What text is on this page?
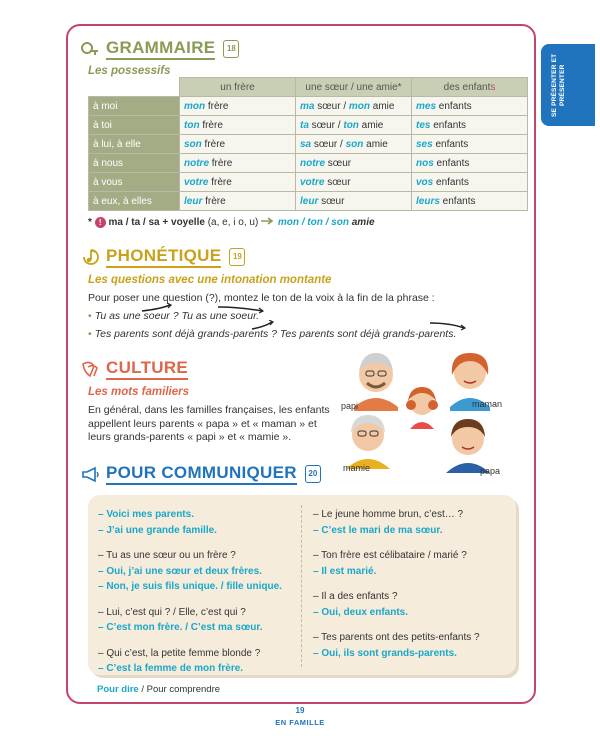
SE PRÉSENTER ET PRÉSENTER
GRAMMAIRE	18
Les possessifs
	un frère	une sœur / une amie*	des enfants
à moi	mon frère	ma sœur / mon amie	mes enfants
à toi	ton frère	ta sœur / ton amie	tes enfants
à lui, à elle	son frère	sa sœur / son amie	ses enfants
à nous	notre frère	notre sœur	nos enfants
à vous	votre frère	votre sœur	vos enfants
à eux, à elles	leur frère	leur sœur	leurs enfants
* ! ma / ta / sa + voyelle (a, e, i o, u) mon / ton / son amie
PHONÉTIQUE	19
Les questions avec une intonation montante
Pour poser une question (?), montez le ton de la voix à la fin de la phrase :
• Tu as une soeur ? Tu as une soeur.
• Tes parents sont déjà grands-parents ? Tes parents sont déjà grands-parents.
CULTURE
Les mots familiers
En général, dans les familles françaises, les enfants appellent leurs parents « papa » et « maman » et leurs grands-parents « papi » et « mamie ».
papi	maman
mamie	papa
POUR COMMUNIQUER	20
– Voici mes parents.
– J’ai une grande famille.
– Tu as une sœur ou un frère ?
– Oui, j’ai une sœur et deux frères.
– Non, je suis fils unique. / fille unique.
– Lui, c’est qui ? / Elle, c’est qui ?
– C’est mon frère. / C’est ma sœur.
– Qui c’est, la petite femme blonde ?
– C’est la femme de mon frère.
– Le jeune homme brun, c’est… ?
– C’est le mari de ma sœur.
– Ton frère est célibataire / marié ?
– Il est marié.
– Il a des enfants ?
– Oui, deux enfants.
– Tes parents ont des petits-enfants ?
– Oui, ils sont grands-parents.
Pour dire / Pour comprendre
19
EN FAMILLE
